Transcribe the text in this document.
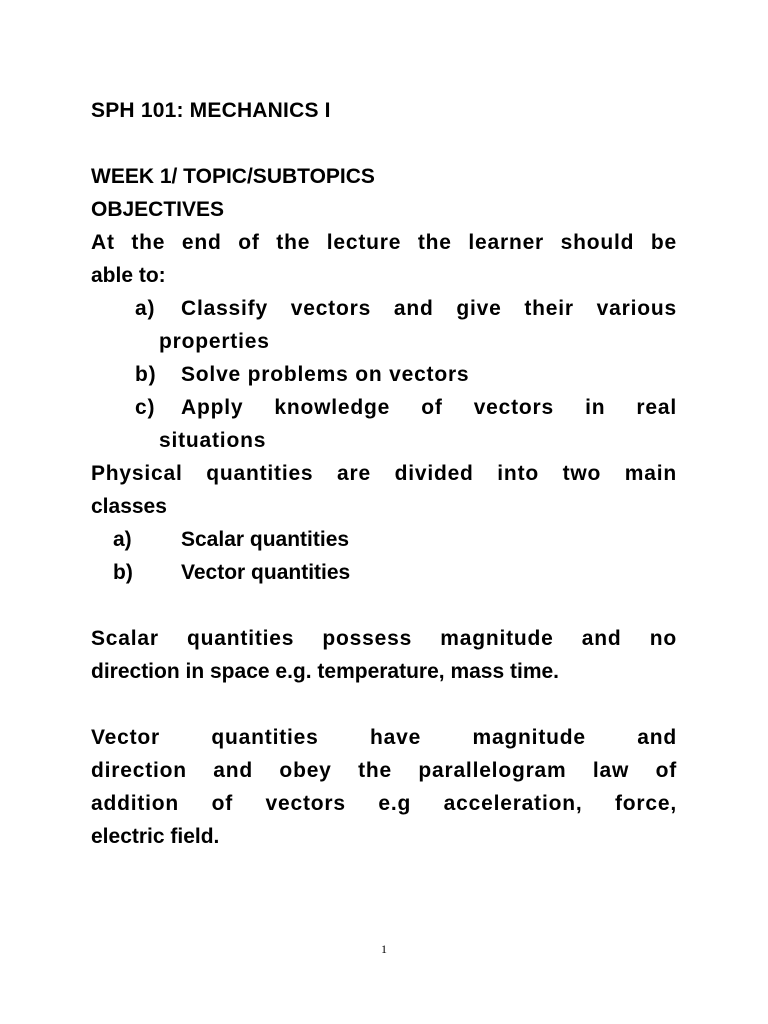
SPH 101: MECHANICS I
WEEK 1/ TOPIC/SUBTOPICS
OBJECTIVES
At the end of the lecture the learner should be
able to:
a)	Classify vectors and give their various
properties
b)	Solve problems on vectors
c)	Apply knowledge of vectors in real
situations
Physical quantities are divided into two main
classes
a) Scalar quantities
b) Vector quantities
Scalar quantities possess magnitude and no
direction in space e.g. temperature, mass time.
Vector quantities have magnitude and
direction and obey the parallelogram law of
addition of vectors e.g acceleration, force,
electric field.
1
